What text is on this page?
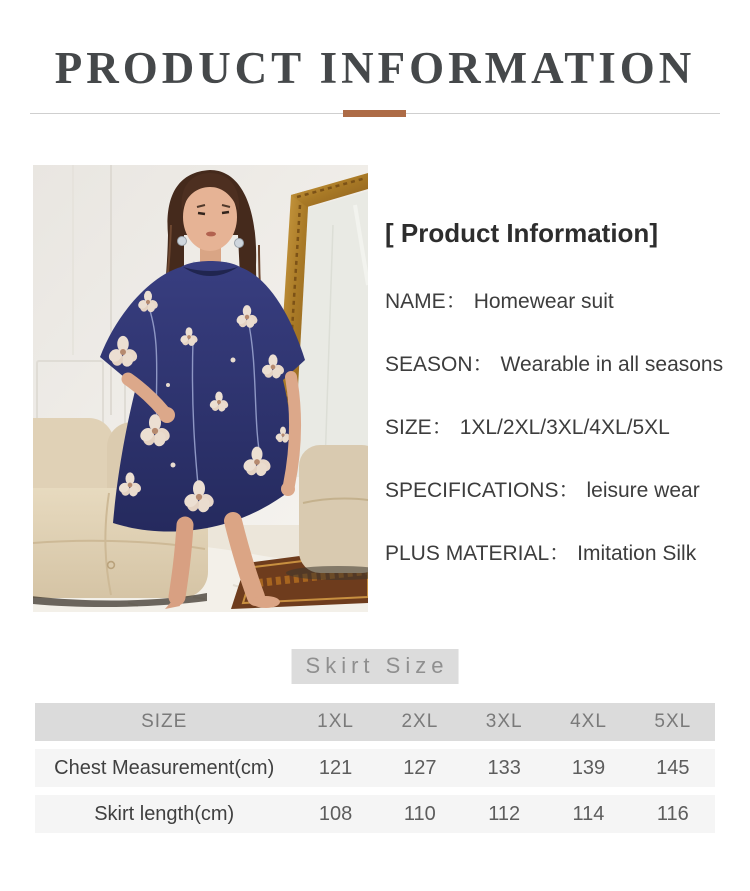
PRODUCT INFORMATION
[ Product Information]
NAME： Homewear suit
SEASON： Wearable in all seasons
SIZE： 1XL/2XL/3XL/4XL/5XL
SPECIFICATIONS： leisure wear
PLUS MATERIAL： Imitation Silk
Skirt Size
SIZE	1XL	2XL	3XL	4XL	5XL
Chest Measurement(cm)	121	127	133	139	145
Skirt length(cm)	108	110	112	114	116
